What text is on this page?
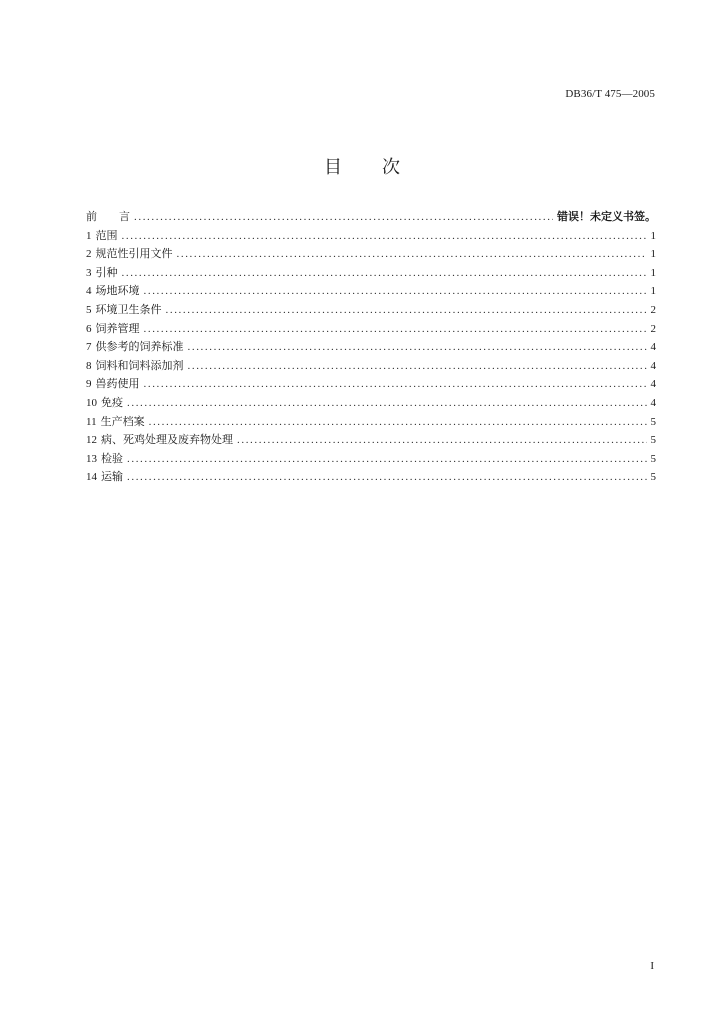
DB36/T 475—2005
目 次
前 言 .....	错误！未定义书签。
1 范围 .....	1
2 规范性引用文件 .....	1
3 引种 .....	1
4 场地环境 .....	1
5 环境卫生条件 .....	2
6 饲养管理 .....	2
7 供参考的饲养标准 .....	4
8 饲料和饲料添加剂 .....	4
9 兽药使用 .....	4
10 免疫 .....	4
11 生产档案 .....	5
12 病、死鸡处理及废弃物处理 .....	5
13 检验 .....	5
14 运输 .....	5
I
